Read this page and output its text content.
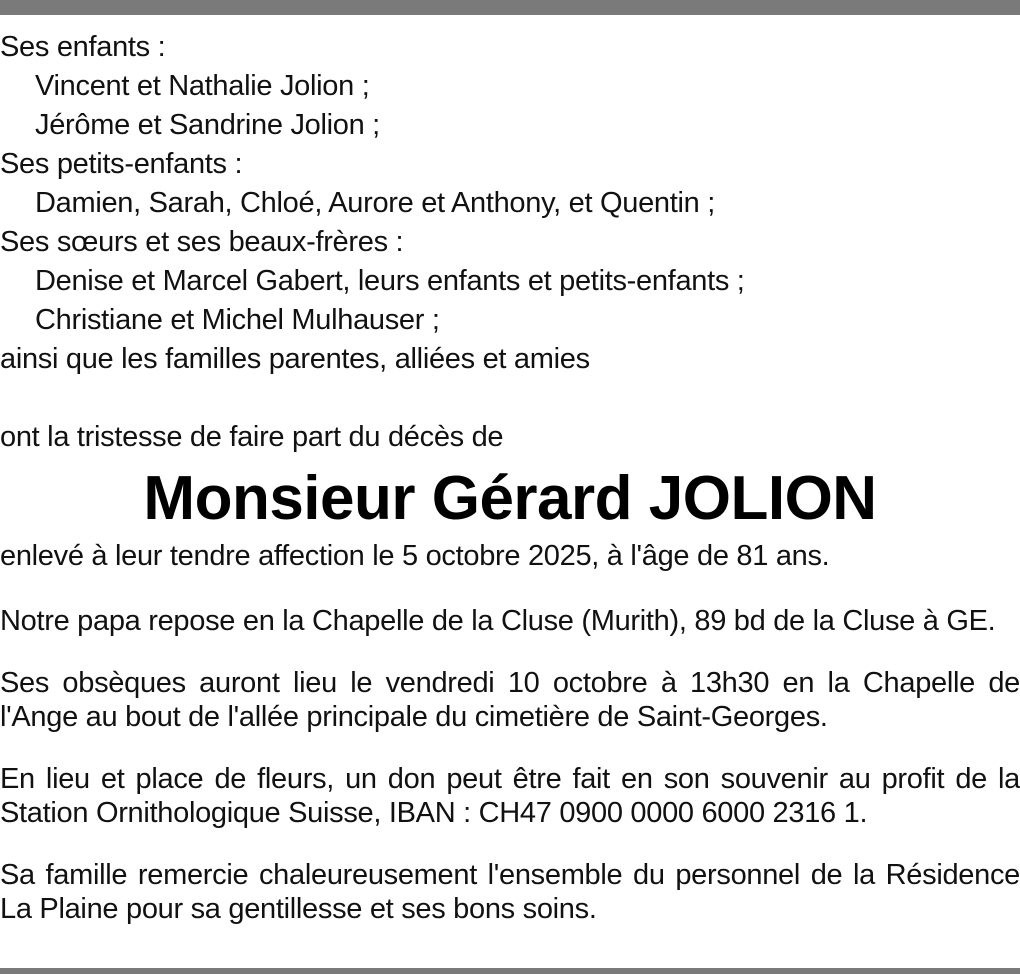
Ses enfants :
Vincent et Nathalie Jolion ;
Jérôme et Sandrine Jolion ;
Ses petits-enfants :
Damien, Sarah, Chloé, Aurore et Anthony, et Quentin ;
Ses sœurs et ses beaux-frères :
Denise et Marcel Gabert, leurs enfants et petits-enfants ;
Christiane et Michel Mulhauser ;
ainsi que les familles parentes, alliées et amies
ont la tristesse de faire part du décès de
Monsieur Gérard JOLION
enlevé à leur tendre affection le 5 octobre 2025, à l'âge de 81 ans.
Notre papa repose en la Chapelle de la Cluse (Murith), 89 bd de la Cluse à GE.
Ses obsèques auront lieu le vendredi 10 octobre à 13h30 en la Chapelle de l'Ange au bout de l'allée principale du cimetière de Saint-Georges.
En lieu et place de fleurs, un don peut être fait en son souvenir au profit de la Station Ornithologique Suisse, IBAN : CH47 0900 0000 6000 2316 1.
Sa famille remercie chaleureusement l'ensemble du personnel de la Résidence La Plaine pour sa gentillesse et ses bons soins.
